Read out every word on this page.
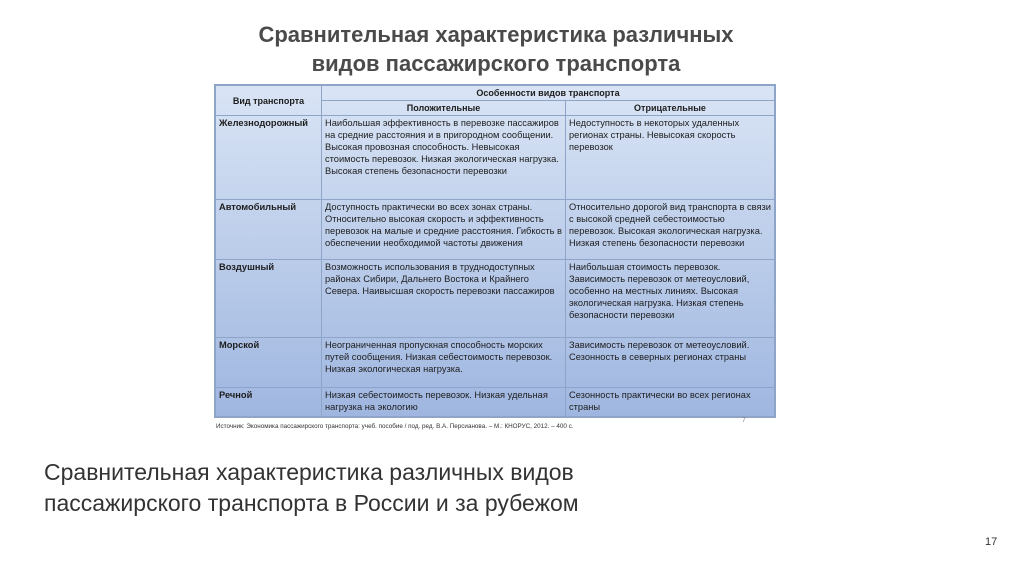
Сравнительная характеристика различных
видов пассажирского транспорта
Вид транспорта	Особенности видов транспорта	
	Положительные	Отрицательные
Железнодорожный	Наибольшая эффективность в перевозке пассажиров на средние расстояния и в пригородном сообщении. Высокая провозная способность. Невысокая стоимость перевозок. Низкая экологическая нагрузка. Высокая степень безопасности перевозки	Недоступность в некоторых удаленных регионах страны. Невысокая скорость перевозок
Автомобильный	Доступность практически во всех зонах страны. Относительно высокая скорость и эффективность перевозок на малые и средние расстояния. Гибкость в обеспечении необходимой частоты движения	Относительно дорогой вид транспорта в связи с высокой средней себестоимостью перевозок. Высокая экологическая нагрузка. Низкая степень безопасности перевозки
Воздушный	Возможность использования в труднодоступных районах Сибири, Дальнего Востока и Крайнего Севера. Наивысшая скорость перевозки пассажиров	Наибольшая стоимость перевозок. Зависимость перевозок от метеоусловий, особенно на местных линиях. Высокая экологическая нагрузка. Низкая степень безопасности перевозки
Морской	Неограниченная пропускная способность морских путей сообщения. Низкая себестоимость перевозок. Низкая экологическая нагрузка.	Зависимость перевозок от метеоусловий. Сезонность в северных регионах страны
Речной	Низкая себестоимость перевозок. Низкая удельная нагрузка на экологию	Сезонность практически во всех регионах страны
7
Источник: Экономика пассажирского транспорта: учеб. пособие / под. ред. В.А. Персианова. – М.: КНОРУС, 2012. – 400 с.
Сравнительная характеристика различных видов пассажирского транспорта в России и за рубежом
17
